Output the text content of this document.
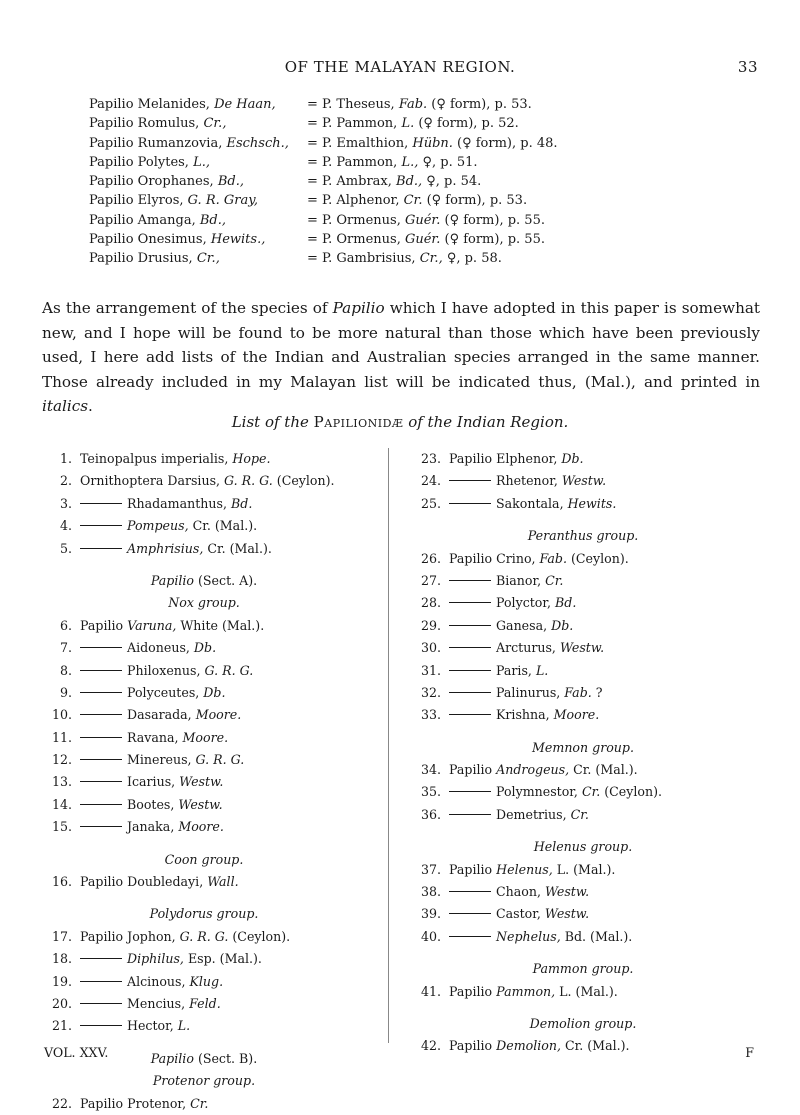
OF THE MALAYAN REGION.	33
Papilio Melanides, De Haan,	= P. Theseus, Fab. (♀ form), p. 53.
Papilio Romulus, Cr.,	= P. Pammon, L. (♀ form), p. 52.
Papilio Rumanzovia, Eschsch.,	= P. Emalthion, Hübn. (♀ form), p. 48.
Papilio Polytes, L.,	= P. Pammon, L., ♀, p. 51.
Papilio Orophanes, Bd.,	= P. Ambrax, Bd., ♀, p. 54.
Papilio Elyros, G. R. Gray,	= P. Alphenor, Cr. (♀ form), p. 53.
Papilio Amanga, Bd.,	= P. Ormenus, Guér. (♀ form), p. 55.
Papilio Onesimus, Hewits.,	= P. Ormenus, Guér. (♀ form), p. 55.
Papilio Drusius, Cr.,	= P. Gambrisius, Cr., ♀, p. 58.
As the arrangement of the species of Papilio which I have adopted in this paper is somewhat new, and I hope will be found to be more natural than those which have been previously used, I here add lists of the Indian and Australian species arranged in the same manner. Those already included in my Malayan list will be indicated thus, (Mal.), and printed in italics.
List of the Papilionidæ of the Indian Region.
1. Teinopalpus imperialis, Hope.
2. Ornithoptera Darsius, G. R. G. (Ceylon).
3.	Rhadamanthus, Bd.
4.	Pompeus, Cr. (Mal.).
5.	Amphrisius, Cr. (Mal.).
Papilio (Sect. A).
Nox group.
6. Papilio Varuna, White (Mal.).
7.	Aidoneus, Db.
8.	Philoxenus, G. R. G.
9.	Polyceutes, Db.
10.	Dasarada, Moore.
11.	Ravana, Moore.
12.	Minereus, G. R. G.
13.	Icarius, Westw.
14.	Bootes, Westw.
15.	Janaka, Moore.
Coon group.
16. Papilio Doubledayi, Wall.
Polydorus group.
17. Papilio Jophon, G. R. G. (Ceylon).
18.	Diphilus, Esp. (Mal.).
19.	Alcinous, Klug.
20.	Mencius, Feld.
21.	Hector, L.
Papilio (Sect. B).
Protenor group.
22. Papilio Protenor, Cr.
23. Papilio Elphenor, Db.
24.	Rhetenor, Westw.
25.	Sakontala, Hewits.
Peranthus group.
26. Papilio Crino, Fab. (Ceylon).
27.	Bianor, Cr.
28.	Polyctor, Bd.
29.	Ganesa, Db.
30.	Arcturus, Westw.
31.	Paris, L.
32.	Palinurus, Fab. ?
33.	Krishna, Moore.
Memnon group.
34. Papilio Androgeus, Cr. (Mal.).
35.	Polymnestor, Cr. (Ceylon).
36.	Demetrius, Cr.
Helenus group.
37. Papilio Helenus, L. (Mal.).
38.	Chaon, Westw.
39.	Castor, Westw.
40.	Nephelus, Bd. (Mal.).
Pammon group.
41. Papilio Pammon, L. (Mal.).
Demolion group.
42. Papilio Demolion, Cr. (Mal.).
VOL. XXV.	F
